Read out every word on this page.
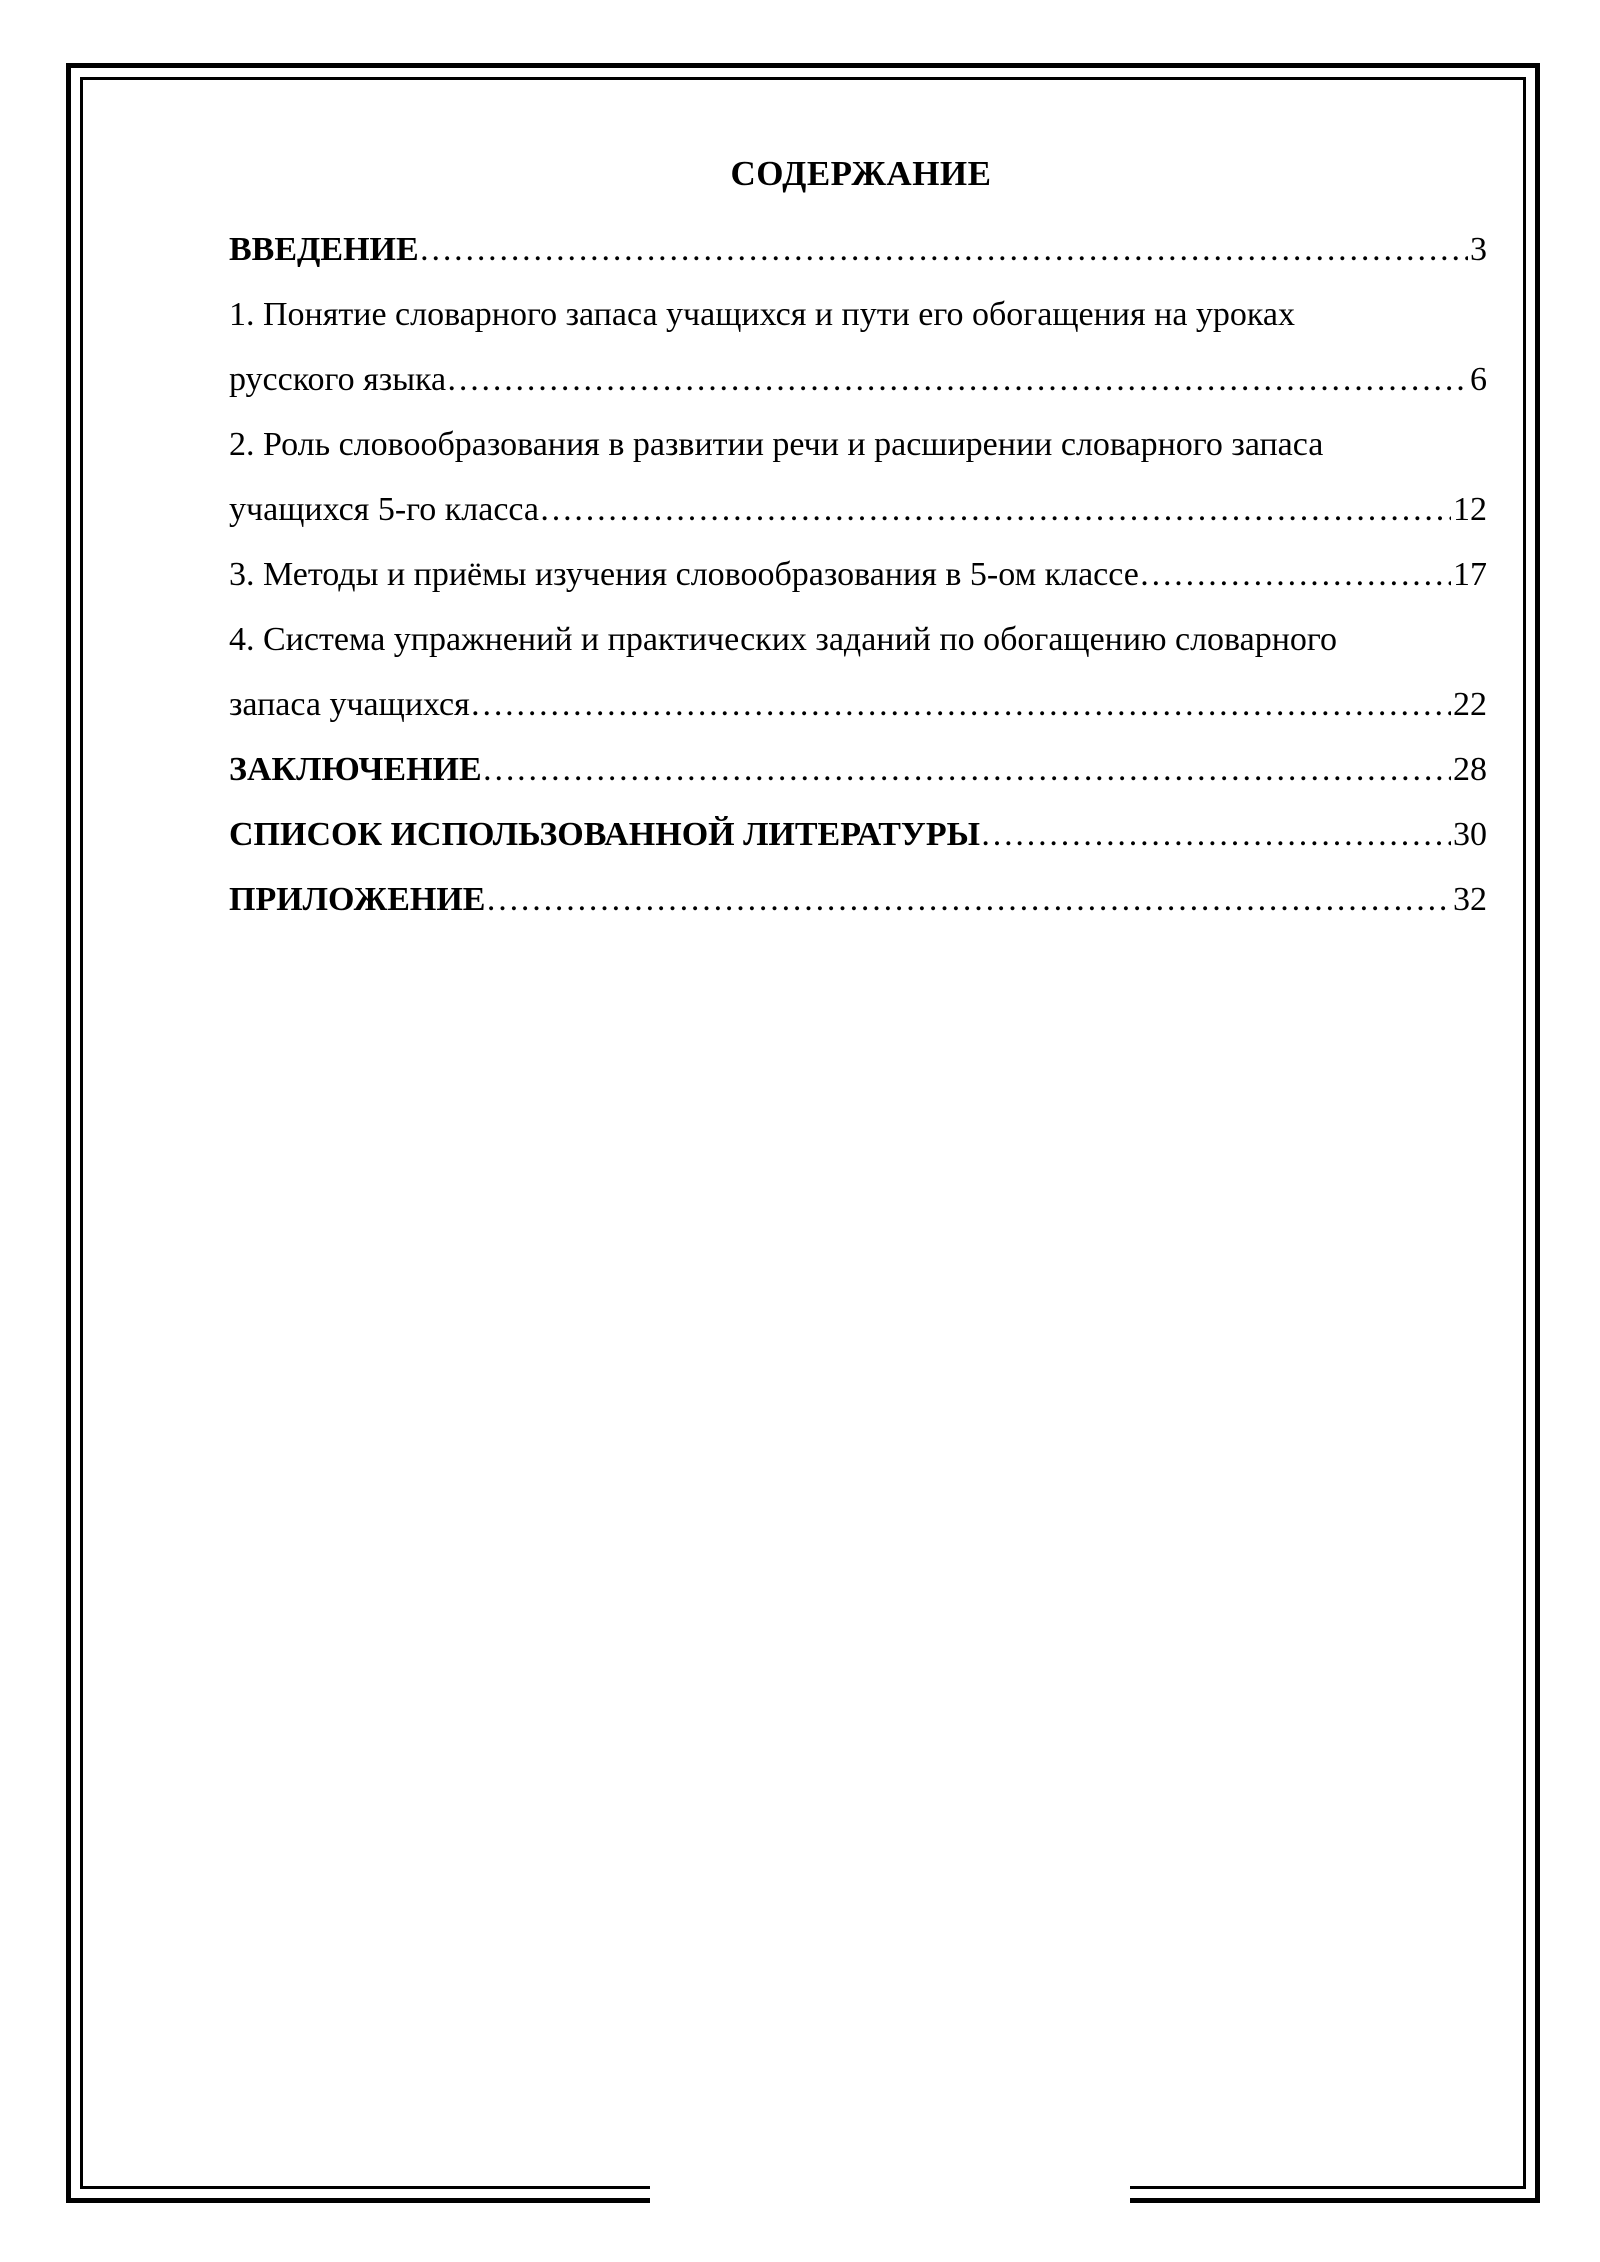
СОДЕРЖАНИЕ
ВВЕДЕНИЕ ………………………………………………………………………………………………………………………………………………………………………………………………	3
1. Понятие словарного запаса учащихся и пути его обогащения на уроках
русского языка ………………………………………………………………………………………………………………………………………………………………………………………………	6
2. Роль словообразования в развитии речи и расширении словарного запаса
учащихся 5-го класса ………………………………………………………………………………………………………………………………………………………………………………………………	12
3. Методы и приёмы изучения словообразования в 5-ом классе ………………………………………………………………………………………………………………………………………………………………………………………………	17
4. Система упражнений и практических заданий по обогащению словарного
запаса учащихся ………………………………………………………………………………………………………………………………………………………………………………………………	22
ЗАКЛЮЧЕНИЕ ………………………………………………………………………………………………………………………………………………………………………………………………	28
СПИСОК ИСПОЛЬЗОВАННОЙ ЛИТЕРАТУРЫ ………………………………………………………………………………………………………………………………………………………………………………………………	30
ПРИЛОЖЕНИЕ ………………………………………………………………………………………………………………………………………………………………………………………………	32
